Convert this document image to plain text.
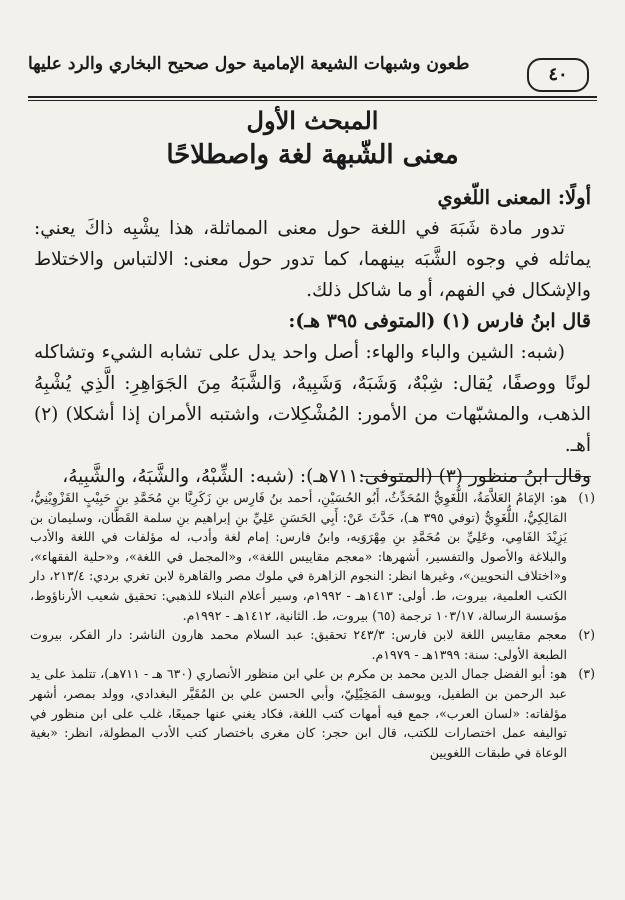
طعون وشبهات الشيعة الإمامية حول صحيح البخاري والرد عليها	٤٠
المبحث الأول
معنى الشّبهة لغة واصطلاحًا

أولًا: المعنى اللّغوي

تدور مادة شَبَهَ في اللغة حول معنى المماثلة، هذا يشْبِه ذاكَ يعني: يماثله في وجوه الشَّبَه بينهما، كما تدور حول معنى: الالتباس والاختلاط والإشكال في الفهم، أو ما شاكل ذلك.

قال ابنُ فارس (١) (المتوفى ٣٩٥ هـ):

(شبه: الشين والباء والهاء: أصل واحد يدل على تشابه الشيء وتشاكله لونًا ووصفًا، يُقال: شِبْهٌ، وَشَبَهٌ، وَشَبِيهٌ، وَالشَّبَهُ مِنَ الجَوَاهِرِ: الَّذِي يُشْبِهُ الذهب، والمشبّهات من الأمور: المُشْكِلات، واشتبه الأمران إذا أشكلا) (٢) أهـ.

وقال ابنُ منظور (٣) (المتوفى:٧١١هـ): (شبه: الشِّبْهُ، والشَّبَهُ، والشَّبِيهُ،

(١)
هو: الإمَامُ العَلاَّمَةُ، اللُّغَوِيُّ المُحَدِّثُ، أَبُو الحُسَيْنِ، أحمد بنُ فَارِس بنِ زَكَرِيَّا بنِ مُحَمَّدِ بنِ حَبِيْبٍ القَزْوِيْنِيُّ، المَالِكِيُّ، اللُّغَوِيُّ (توفي ٣٩٥ هـ)، حَدَّثَ عَنْ: أَبِي الحَسَنِ عَلِيِّ بنِ إبراهيم بنِ سلمة القَطَّان، وسليمان بن يَزِيْدَ الفَامِي، وعَلِيِّ بن مُحَمَّدِ بنِ مِهْرَوَيه، وابنُ فارس: إمام لغة وأدب، له مؤلفات في اللغة والأدب والبلاغة والأصول والتفسير، أشهرها: «معجم مقاييس اللغة»، و«المجمل في اللغة»، و«حلية الفقهاء»، و«اختلاف النحويين»، وغيرها انظر: النجوم الزاهرة في ملوك مصر والقاهرة لابن تغري بردي: ٢١٣/٤، دار الكتب العلمية، بيروت، ط. أولى: ١٤١٣هـ - ١٩٩٢م، وسير أعلام النبلاء للذهبي: تحقيق شعيب الأرناؤوط، مؤسسة الرسالة، ١٠٣/١٧ ترجمة (٦٥) بيروت، ط. الثانية، ١٤١٢هـ - ١٩٩٢م.
(٢)
معجم مقاييس اللغة لابن فارس: ٢٤٣/٣ تحقيق: عبد السلام محمد هارون الناشر: دار الفكر، بيروت الطبعة الأولى: سنة: ١٣٩٩هـ - ١٩٧٩م.
(٣)
هو: أبو الفضل جمال الدين محمد بن مكرم بن علي ابن منظور الأنصاري (٦٣٠ هـ - ٧١١هـ)، تتلمذ على يد عبد الرحمن بن الطفيل، ويوسف المَخِيْلِيّ، وأبي الحسن علي بن المُقَيَّر البغدادي، وولد بمصر، أشهر مؤلفاته: «لسان العرب»، جمع فيه أمهات كتب اللغة، فكاد يغني عنها جميعًا، غلب على ابن منظور في تواليفه عمل اختصارات للكتب، قال ابن حجر: كان مغرى باختصار كتب الأدب المطولة، انظر: «بغية الوعاة في طبقات اللغويين
